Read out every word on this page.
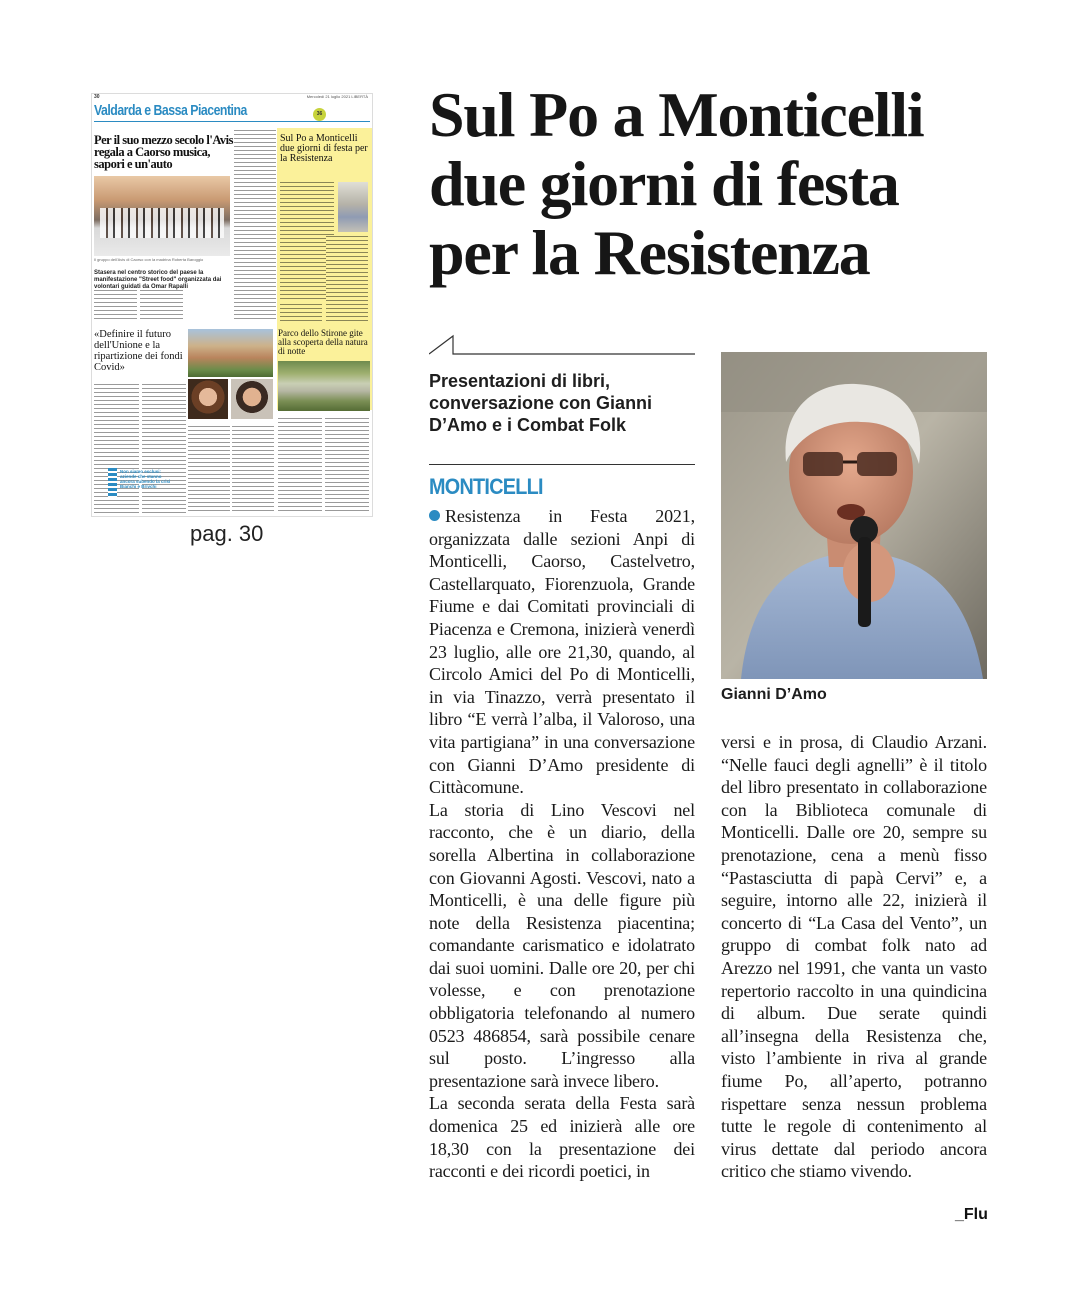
30	Mercoledì 21 luglio 2021 LIBERTÀ
Valdarda e Bassa Piacentina	36
Per il suo mezzo secolo l'Avis regala a Caorso musica, sapori e un'auto
Il gruppo dell'Avis di Caorso con la madrina Roberta Baroggio
Stasera nel centro storico del paese la manifestazione "Street food" organizzata dai volontari guidati da Omar Rapalli
Sul Po a Monticelli due giorni di festa per la Resistenza
«Definire il futuro dell'Unione e la ripartizione dei fondi Covid»
Parco dello Stirone gite alla scoperta della natura di notte
Non siamo esclusi: aziende che stanno ancora subendo la crisi Bianchi e Brivchi
pag. 30
Sul Po a Monticelli
due giorni di festa
per la Resistenza
Presentazioni di libri, conversazione con Gianni D’Amo e i Combat Folk
MONTICELLI

Resistenza in Festa 2021, organizzata dalle sezioni Anpi di Monticelli, Caorso, Castelvetro, Castellarquato, Fiorenzuola, Grande Fiume e dai Comitati provinciali di Piacenza e Cremona, inizierà venerdì 23 luglio, alle ore 21,30, quando, al Circolo Amici del Po di Monticelli, in via Tinazzo, verrà presentato il libro “E verrà l’alba, il Valoroso, una vita partigiana” in una conversazione con Gianni D’Amo presidente di Cittàcomune.

La storia di Lino Vescovi nel racconto, che è un diario, della sorella Albertina in collaborazione con Giovanni Agosti. Vescovi, nato a Monticelli, è una delle figure più note della Resistenza piacentina; comandante carismatico e idolatrato dai suoi uomini. Dalle ore 20, per chi volesse, e con prenotazione obbligatoria telefonando al numero 0523 486854, sarà possibile cenare sul posto. L’ingresso alla presentazione sarà invece libero.

La seconda serata della Festa sarà domenica 25 ed inizierà alle ore 18,30 con la presentazione dei racconti e dei ricordi poetici, in

Gianni D’Amo

versi e in prosa, di Claudio Arzani. “Nelle fauci degli agnelli” è il titolo del libro presentato in collaborazione con la Biblioteca comunale di Monticelli. Dalle ore 20, sempre su prenotazione, cena a menù fisso “Pastasciutta di papà Cervi” e, a seguire, intorno alle 22, inizierà il concerto di “La Casa del Vento”, un gruppo di combat folk nato ad Arezzo nel 1991, che vanta un vasto repertorio raccolto in una quindicina di album. Due serate quindi all’insegna della Resistenza che, visto l’ambiente in riva al grande fiume Po, all’aperto, potranno rispettare senza nessun problema tutte le regole di contenimento al virus dettate dal periodo ancora critico che stiamo vivendo.

_Flu
